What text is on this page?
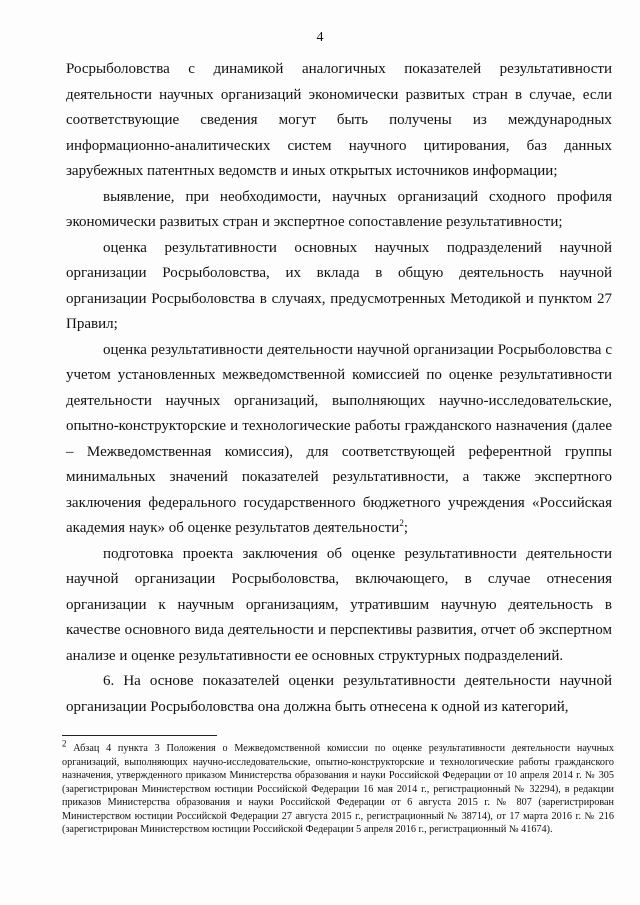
4

Росрыболовства с динамикой аналогичных показателей результативности деятельности научных организаций экономически развитых стран в случае, если соответствующие сведения могут быть получены из международных информационно-аналитических систем научного цитирования, баз данных зарубежных патентных ведомств и иных открытых источников информации;

выявление, при необходимости, научных организаций сходного профиля экономически развитых стран и экспертное сопоставление результативности;

оценка результативности основных научных подразделений научной организации Росрыболовства, их вклада в общую деятельность научной организации Росрыболовства в случаях, предусмотренных Методикой и пунктом 27 Правил;

оценка результативности деятельности научной организации Росрыболовства с учетом установленных межведомственной комиссией по оценке результативности деятельности научных организаций, выполняющих научно-исследовательские, опытно-конструкторские и технологические работы гражданского назначения (далее – Межведомственная комиссия), для соответствующей референтной группы минимальных значений показателей результативности, а также экспертного заключения федерального государственного бюджетного учреждения «Российская академия наук» об оценке результатов деятельности$^2$;

подготовка проекта заключения об оценке результативности деятельности научной организации Росрыболовства, включающего, в случае отнесения организации к научным организациям, утратившим научную деятельность в качестве основного вида деятельности и перспективы развития, отчет об экспертном анализе и оценке результативности ее основных структурных подразделений.

6. На основе показателей оценки результативности деятельности научной организации Росрыболовства она должна быть отнесена к одной из категорий,

$^2$ Абзац 4 пункта 3 Положения о Межведомственной комиссии по оценке результативности деятельности научных организаций, выполняющих научно-исследовательские, опытно-конструкторские и технологические работы гражданского назначения, утвержденного приказом Министерства образования и науки Российской Федерации от 10 апреля 2014 г. № 305 (зарегистрирован Министерством юстиции Российской Федерации 16 мая 2014 г., регистрационный № 32294), в редакции приказов Министерства образования и науки Российской Федерации от 6 августа 2015 г. № 807 (зарегистрирован Министерством юстиции Российской Федерации 27 августа 2015 г., регистрационный № 38714), от 17 марта 2016 г. № 216 (зарегистрирован Министерством юстиции Российской Федерации 5 апреля 2016 г., регистрационный № 41674).
